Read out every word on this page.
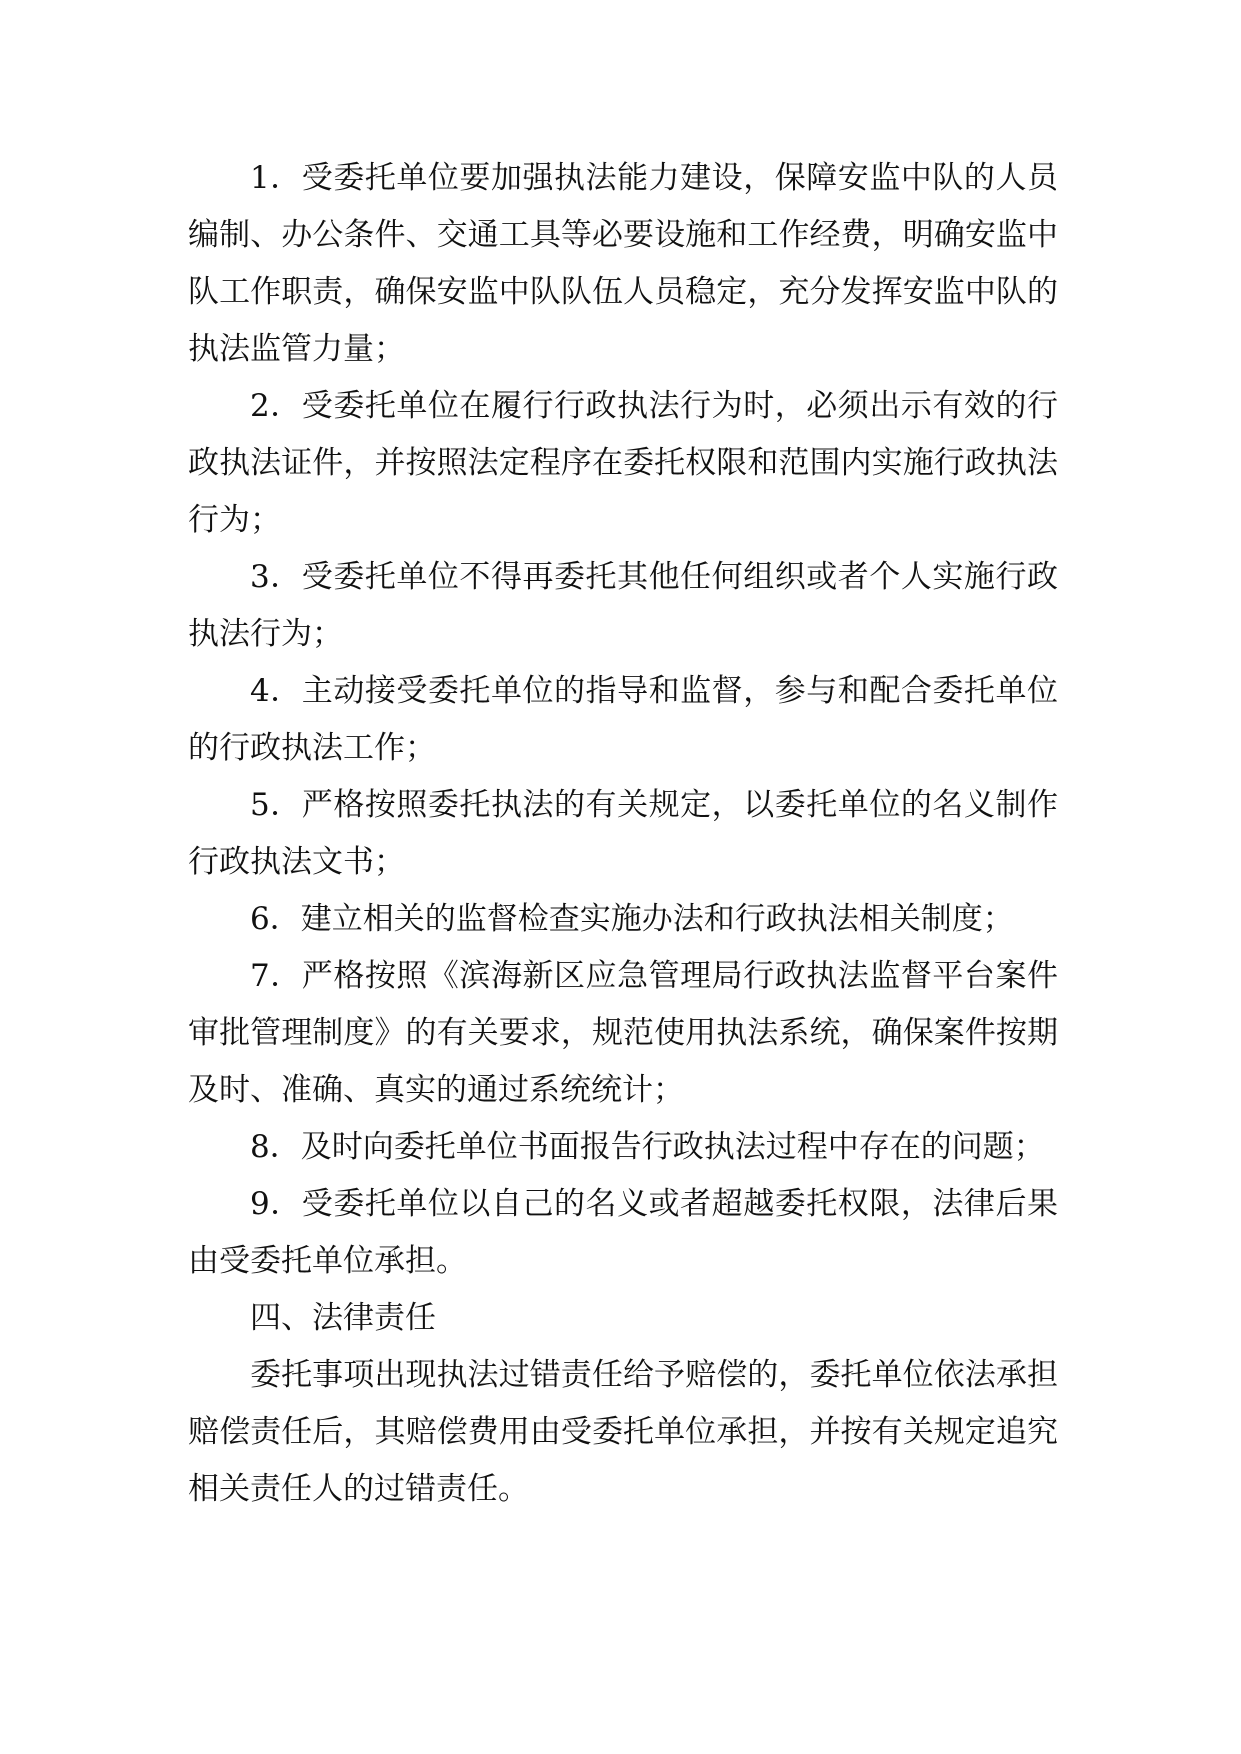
1．受委托单位要加强执法能力建设，保障安监中队的人员编制、办公条件、交通工具等必要设施和工作经费，明确安监中队工作职责，确保安监中队队伍人员稳定，充分发挥安监中队的执法监管力量；

2．受委托单位在履行行政执法行为时，必须出示有效的行政执法证件，并按照法定程序在委托权限和范围内实施行政执法行为；

3．受委托单位不得再委托其他任何组织或者个人实施行政执法行为；

4．主动接受委托单位的指导和监督，参与和配合委托单位的行政执法工作；

5．严格按照委托执法的有关规定，以委托单位的名义制作行政执法文书；

6．建立相关的监督检查实施办法和行政执法相关制度；

7．严格按照《滨海新区应急管理局行政执法监督平台案件审批管理制度》的有关要求，规范使用执法系统，确保案件按期及时、准确、真实的通过系统统计；

8．及时向委托单位书面报告行政执法过程中存在的问题；

9．受委托单位以自己的名义或者超越委托权限，法律后果由受委托单位承担。

四、法律责任

委托事项出现执法过错责任给予赔偿的，委托单位依法承担赔偿责任后，其赔偿费用由受委托单位承担，并按有关规定追究相关责任人的过错责任。
